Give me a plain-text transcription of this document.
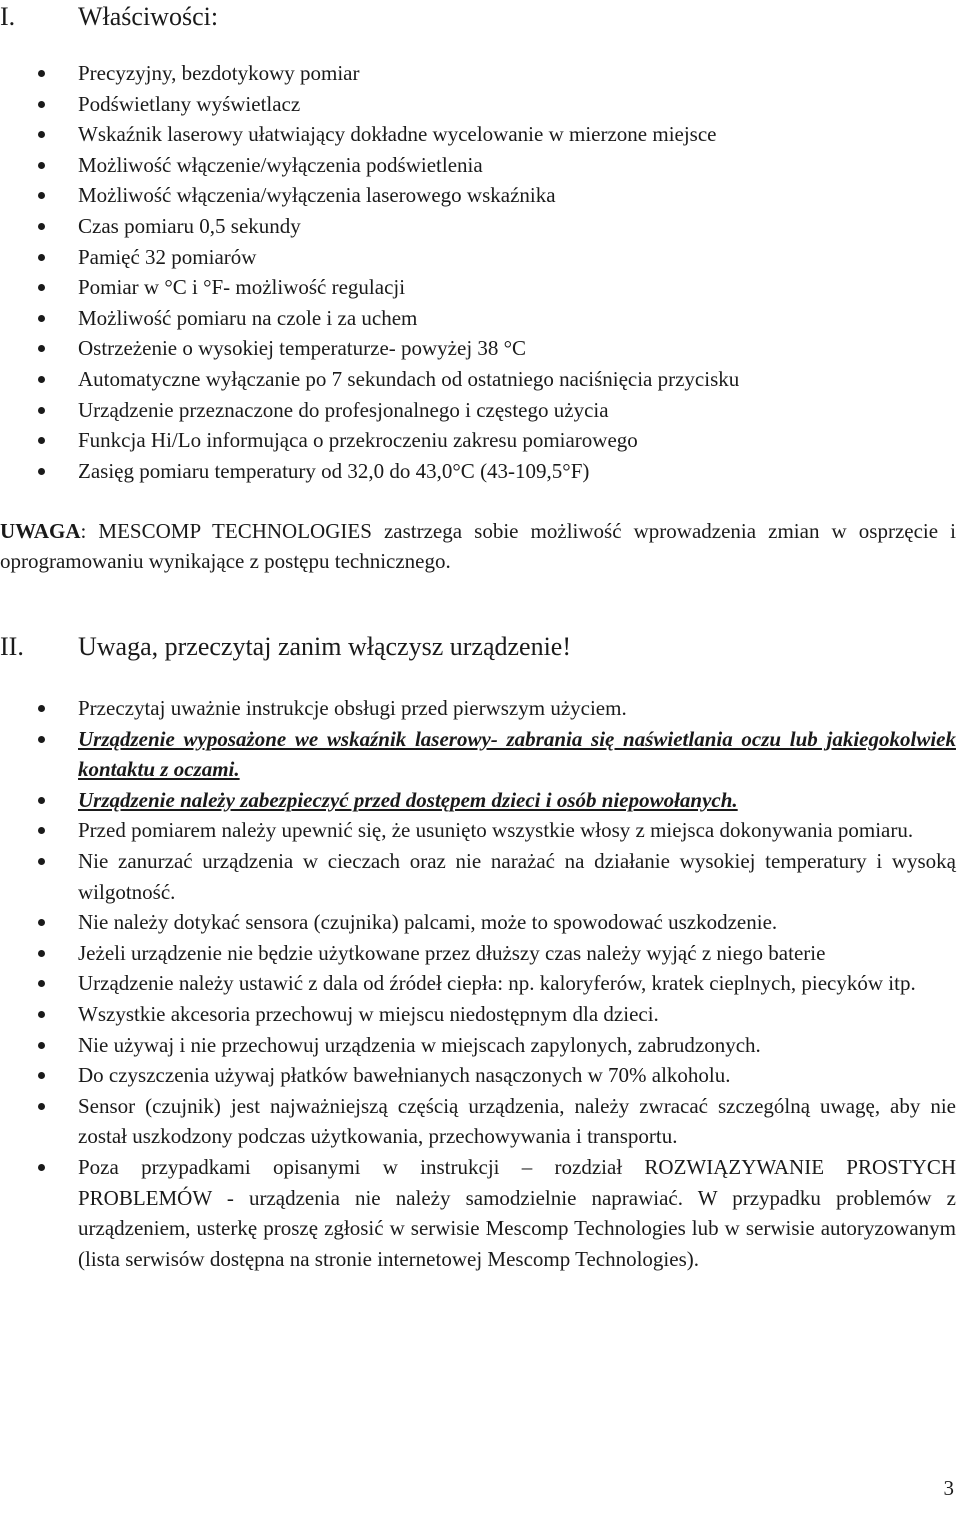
I. Właściwości:
Precyzyjny, bezdotykowy pomiar
Podświetlany wyświetlacz
Wskaźnik laserowy ułatwiający dokładne wycelowanie w mierzone miejsce
Możliwość włączenie/wyłączenia podświetlenia
Możliwość włączenia/wyłączenia laserowego wskaźnika
Czas pomiaru 0,5 sekundy
Pamięć 32 pomiarów
Pomiar w °C i °F- możliwość regulacji
Możliwość pomiaru na czole i za uchem
Ostrzeżenie o wysokiej temperaturze- powyżej 38 °C
Automatyczne wyłączanie po 7 sekundach od ostatniego naciśnięcia przycisku
Urządzenie przeznaczone do profesjonalnego i częstego użycia
Funkcja Hi/Lo informująca o przekroczeniu zakresu pomiarowego
Zasięg pomiaru temperatury od 32,0 do 43,0°C (43-109,5°F)
UWAGA: MESCOMP TECHNOLOGIES zastrzega sobie możliwość wprowadzenia zmian w osprzęcie i oprogramowaniu wynikające z postępu technicznego.
II. Uwaga, przeczytaj zanim włączysz urządzenie!
Przeczytaj uważnie instrukcje obsługi przed pierwszym użyciem.
Urządzenie wyposażone we wskaźnik laserowy- zabrania się naświetlania oczu lub jakiegokolwiek kontaktu z oczami.
Urządzenie należy zabezpieczyć przed dostępem dzieci i osób niepowołanych.
Przed pomiarem należy upewnić się, że usunięto wszystkie włosy z miejsca dokonywania pomiaru.
Nie zanurzać urządzenia w cieczach oraz nie narażać na działanie wysokiej temperatury i wysoką wilgotność.
Nie należy dotykać sensora (czujnika) palcami, może to spowodować uszkodzenie.
Jeżeli urządzenie nie będzie użytkowane przez dłuższy czas należy wyjąć z niego baterie
Urządzenie należy ustawić z dala od źródeł ciepła: np. kaloryferów, kratek cieplnych, piecyków itp.
Wszystkie akcesoria przechowuj w miejscu niedostępnym dla dzieci.
Nie używaj i nie przechowuj urządzenia w miejscach zapylonych, zabrudzonych.
Do czyszczenia używaj płatków bawełnianych nasączonych w 70% alkoholu.
Sensor (czujnik) jest najważniejszą częścią urządzenia, należy zwracać szczególną uwagę, aby nie został uszkodzony podczas użytkowania, przechowywania i transportu.
Poza przypadkami opisanymi w instrukcji – rozdział ROZWIĄZYWANIE PROSTYCH PROBLEMÓW - urządzenia nie należy samodzielnie naprawiać. W przypadku problemów z urządzeniem, usterkę proszę zgłosić w serwisie Mescomp Technologies lub w serwisie autoryzowanym (lista serwisów dostępna na stronie internetowej Mescomp Technologies).
3
